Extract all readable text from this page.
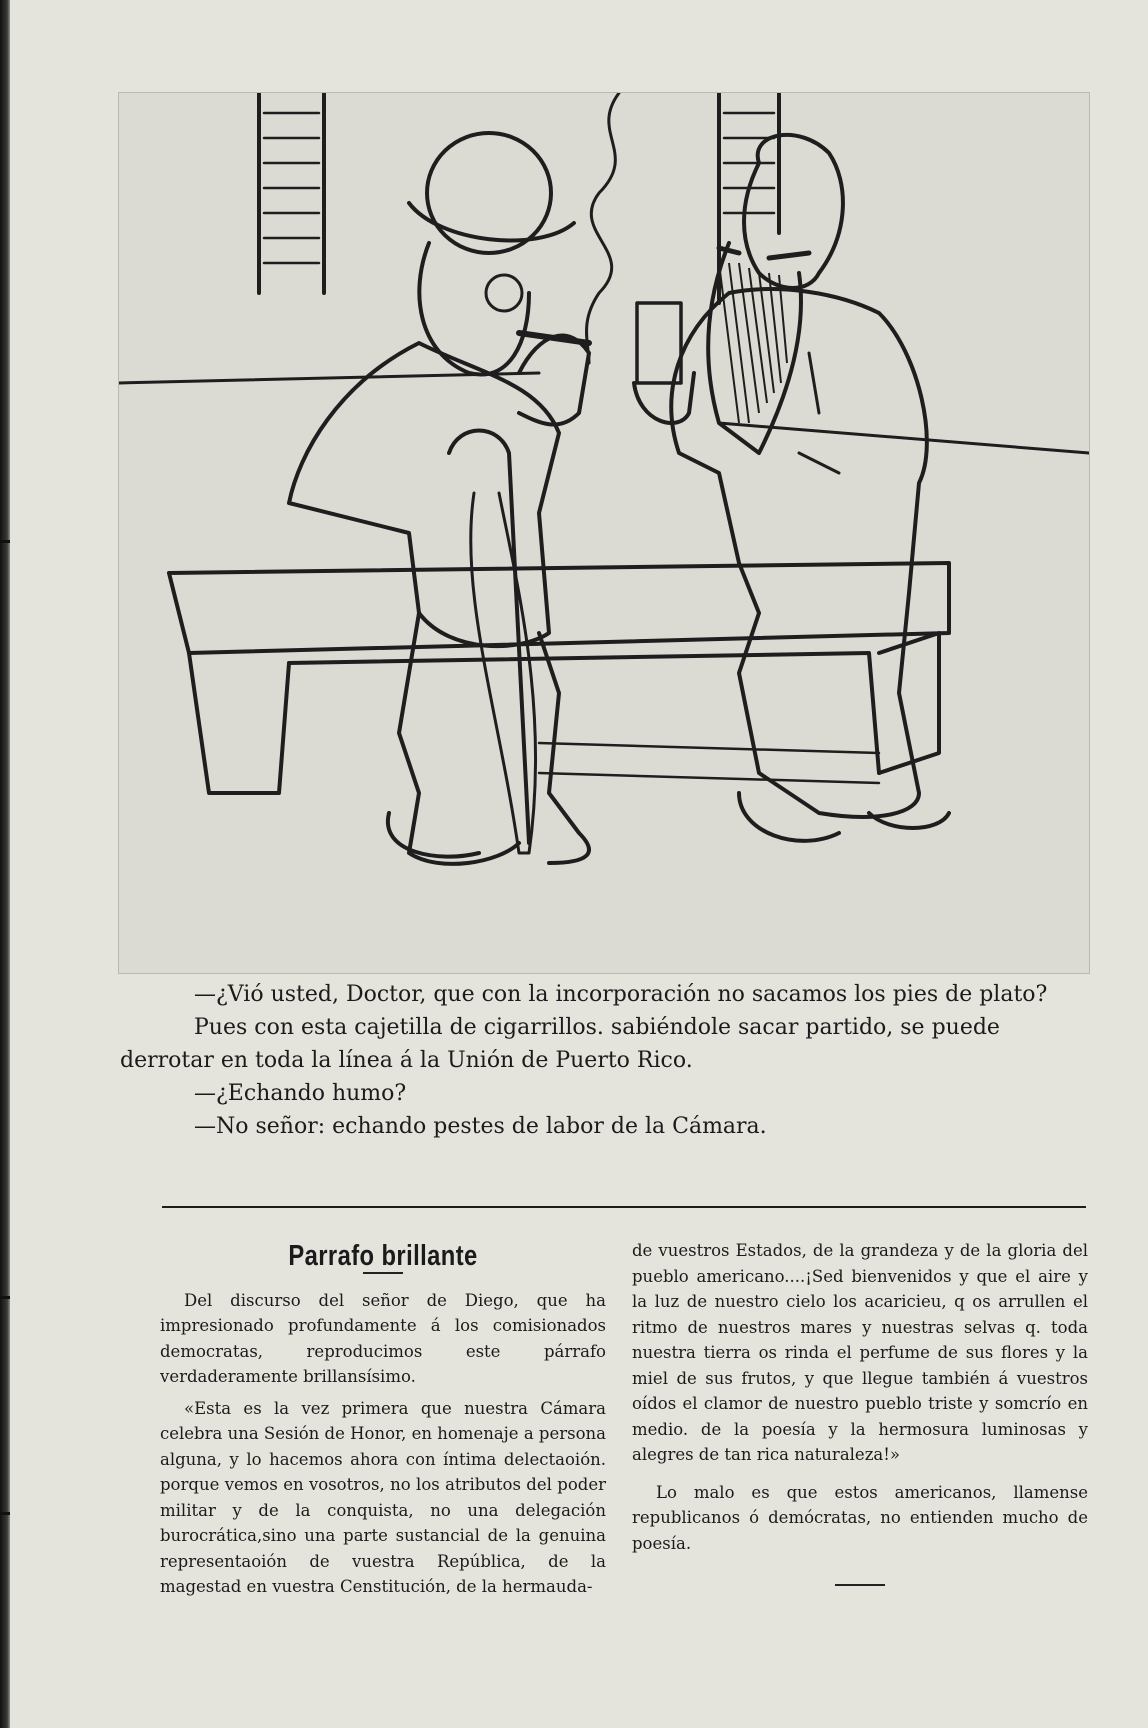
—¿Vió usted, Doctor, que con la incorporación no sacamos los pies de plato?

Pues con esta cajetilla de cigarrillos. sabiéndole sacar partido, se puede derrotar en toda la línea á la Unión de Puerto Rico.

—¿Echando humo?

—No señor: echando pestes de labor de la Cámara.

Parrafo brillante

Del discurso del señor de Diego, que ha impresionado profundamente á los comisionados democratas, reproducimos este párrafo verdaderamente brillansísimo.

«Esta es la vez primera que nuestra Cámara celebra una Sesión de Honor, en homenaje a persona alguna, y lo hacemos ahora con íntima delectaoión. porque vemos en vosotros, no los atributos del poder militar y de la conquista, no una delegación burocrática,sino una parte sustancial de la genuina representaoión de vuestra República, de la magestad en vuestra Censtitución, de la hermauda-

de vuestros Estados, de la grandeza y de la gloria del pueblo americano....¡Sed bienvenidos y que el aire y la luz de nuestro cielo los acaricieu, q os arrullen el ritmo de nuestros mares y nuestras selvas q. toda nuestra tierra os rinda el perfume de sus flores y la miel de sus frutos, y que llegue también á vuestros oídos el clamor de nuestro pueblo triste y somcrío en medio. de la poesía y la hermosura luminosas y alegres de tan rica naturaleza!»

Lo malo es que estos americanos, llamense republicanos ó demócratas, no entienden mucho de poesía.
